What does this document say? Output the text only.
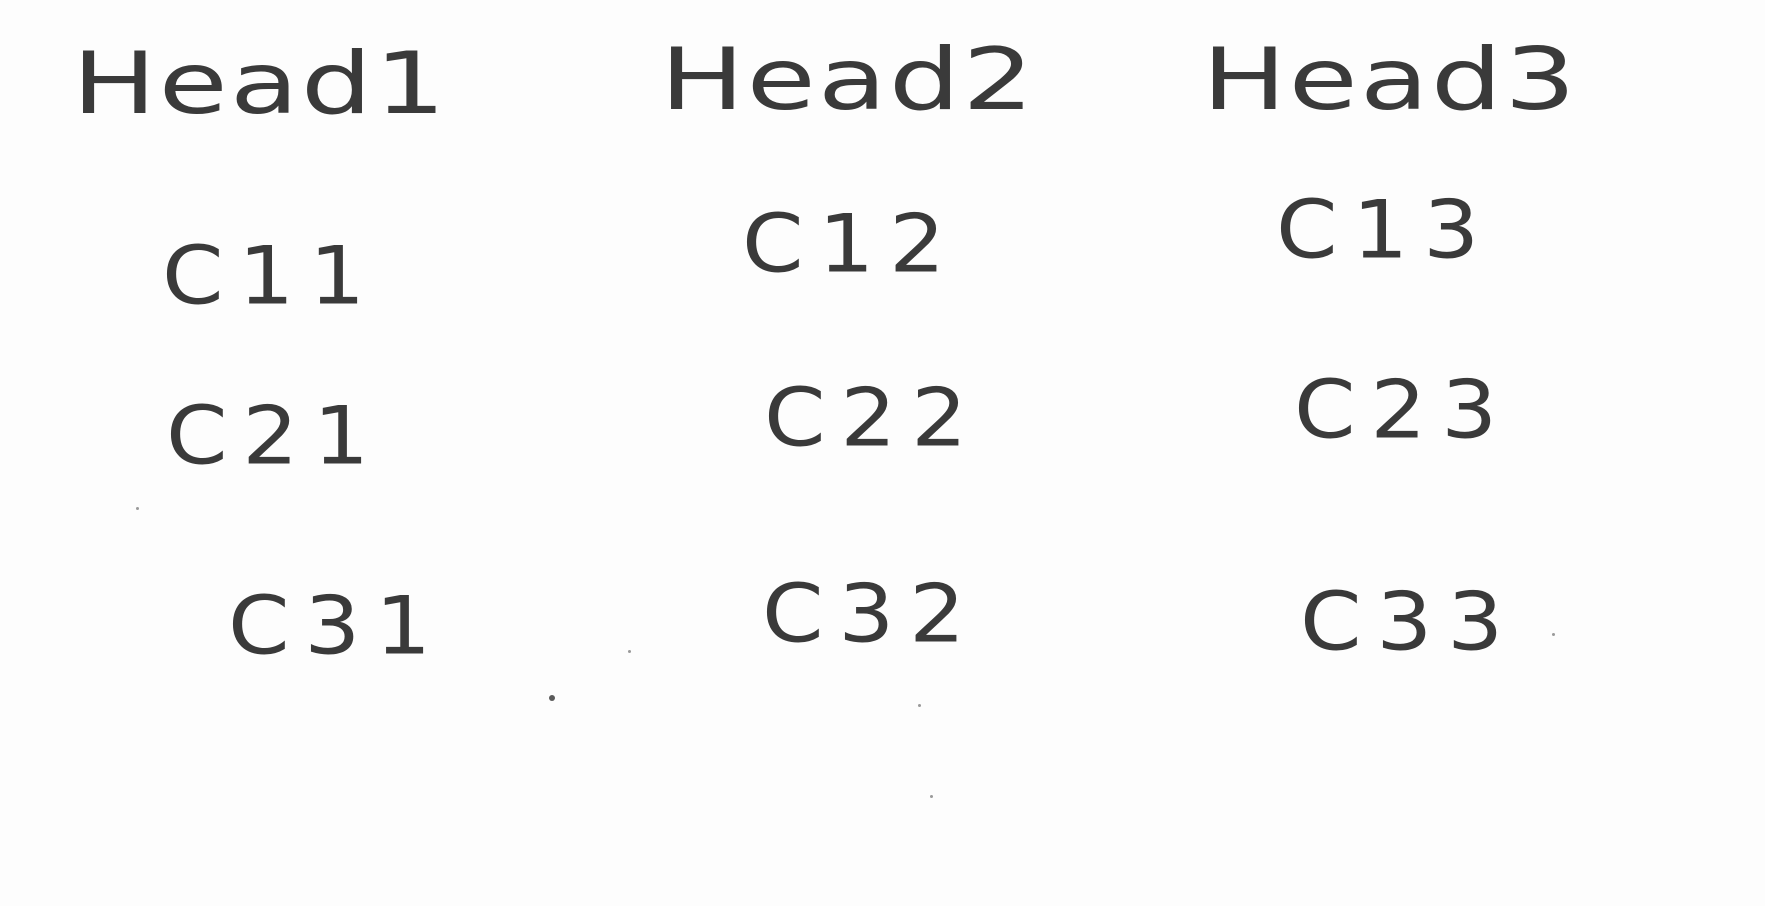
Head1 Head2 Head3
C11	C12	C13
C21	C22	C23
C31	C32	C33
